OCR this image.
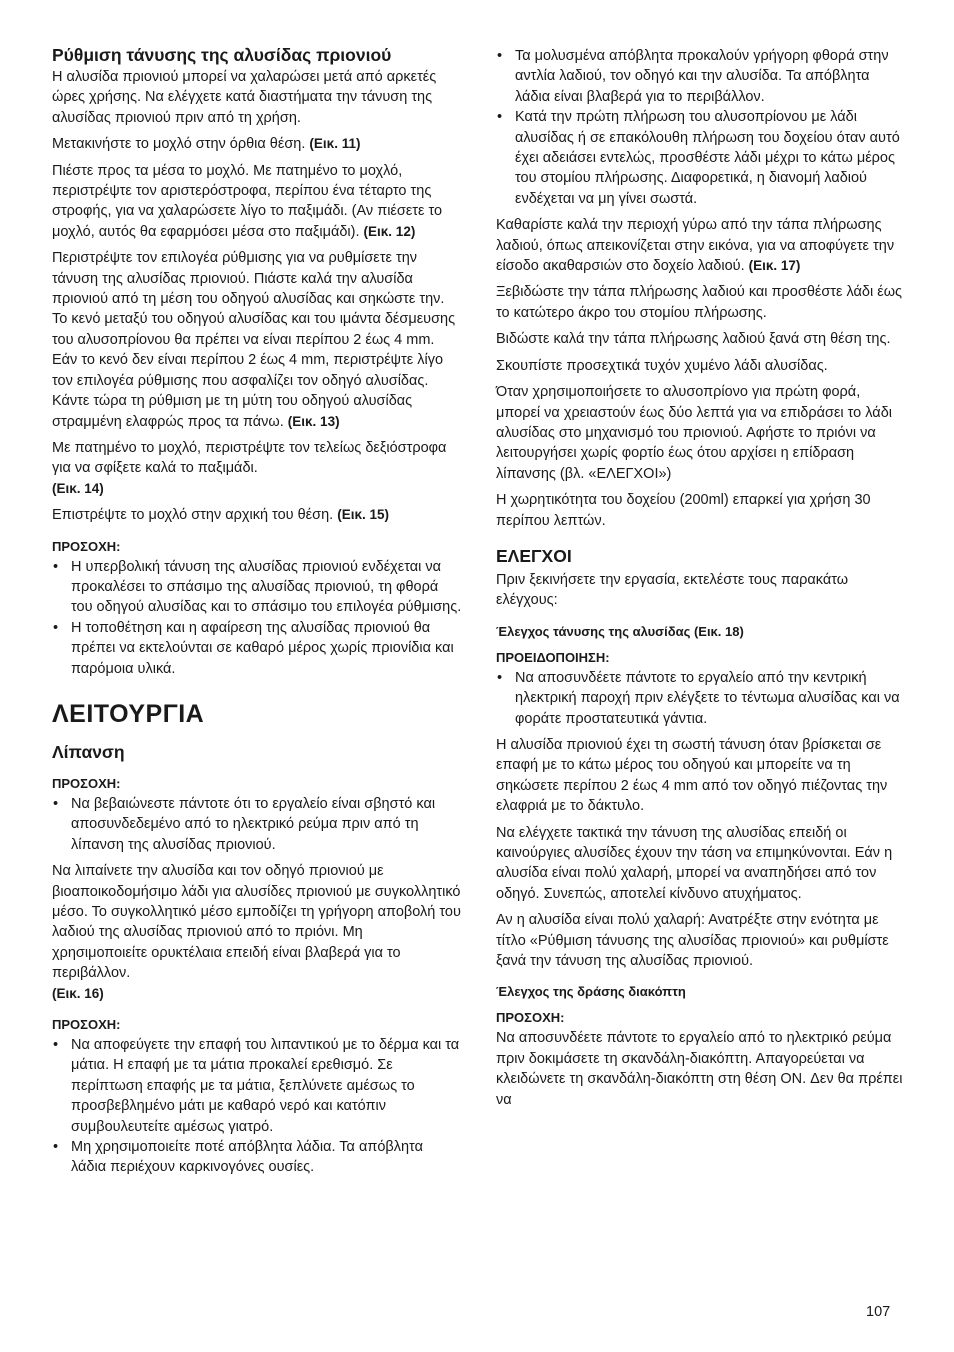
Ρύθμιση τάνυσης της αλυσίδας πριονιού

Η αλυσίδα πριονιού μπορεί να χαλαρώσει μετά από αρκετές ώρες χρήσης. Να ελέγχετε κατά διαστήματα την τάνυση της αλυσίδας πριονιού πριν από τη χρήση.

Μετακινήστε το μοχλό στην όρθια θέση. (Εικ. 11)

Πιέστε προς τα μέσα το μοχλό. Με πατημένο το μοχλό, περιστρέψτε τον αριστερόστροφα, περίπου ένα τέταρτο της στροφής, για να χαλαρώσετε λίγο το παξιμάδι. (Αν πιέσετε το μοχλό, αυτός θα εφαρμόσει μέσα στο παξιμάδι). (Εικ. 12)

Περιστρέψτε τον επιλογέα ρύθμισης για να ρυθμίσετε την τάνυση της αλυσίδας πριονιού. Πιάστε καλά την αλυσίδα πριονιού από τη μέση του οδηγού αλυσίδας και σηκώστε την. Το κενό μεταξύ του οδηγού αλυσίδας και του ιμάντα δέσμευσης του αλυσοπρίονου θα πρέπει να είναι περίπου 2 έως 4 mm. Εάν το κενό δεν είναι περίπου 2 έως 4 mm, περιστρέψτε λίγο τον επιλογέα ρύθμισης που ασφαλίζει τον οδηγό αλυσίδας. Κάντε τώρα τη ρύθμιση με τη μύτη του οδηγού αλυσίδας στραμμένη ελαφρώς προς τα πάνω. (Εικ. 13)

Με πατημένο το μοχλό, περιστρέψτε τον τελείως δεξιόστροφα για να σφίξετε καλά το παξιμάδι.
(Εικ. 14)

Επιστρέψτε το μοχλό στην αρχική του θέση. (Εικ. 15)

ΠΡΟΣΟΧΗ:
• Η υπερβολική τάνυση της αλυσίδας πριονιού ενδέχεται να προκαλέσει το σπάσιμο της αλυσίδας πριονιού, τη φθορά του οδηγού αλυσίδας και το σπάσιμο του επιλογέα ρύθμισης.
• Η τοποθέτηση και η αφαίρεση της αλυσίδας πριονιού θα πρέπει να εκτελούνται σε καθαρό μέρος χωρίς πριονίδια και παρόμοια υλικά.
ΛΕΙΤΟΥΡΓΙΑ
Λίπανση
ΠΡΟΣΟΧΗ:
• Να βεβαιώνεστε πάντοτε ότι το εργαλείο είναι σβηστό και αποσυνδεδεμένο από το ηλεκτρικό ρεύμα πριν από τη λίπανση της αλυσίδας πριονιού.

Να λιπαίνετε την αλυσίδα και τον οδηγό πριονιού με βιοαποικοδομήσιμο λάδι για αλυσίδες πριονιού με συγκολλητικό μέσο. Το συγκολλητικό μέσο εμποδίζει τη γρήγορη αποβολή του λαδιού της αλυσίδας πριονιού από το πριόνι. Μη χρησιμοποιείτε ορυκτέλαια επειδή είναι βλαβερά για το περιβάλλον.
(Εικ. 16)

ΠΡΟΣΟΧΗ:
• Να αποφεύγετε την επαφή του λιπαντικού με το δέρμα και τα μάτια. Η επαφή με τα μάτια προκαλεί ερεθισμό. Σε περίπτωση επαφής με τα μάτια, ξεπλύνετε αμέσως το προσβεβλημένο μάτι με καθαρό νερό και κατόπιν συμβουλευτείτε αμέσως γιατρό.
• Μη χρησιμοποιείτε ποτέ απόβλητα λάδια. Τα απόβλητα λάδια περιέχουν καρκινογόνες ουσίες.
• Τα μολυσμένα απόβλητα προκαλούν γρήγορη φθορά στην αντλία λαδιού, τον οδηγό και την αλυσίδα. Τα απόβλητα λάδια είναι βλαβερά για το περιβάλλον.
• Κατά την πρώτη πλήρωση του αλυσοπρίονου με λάδι αλυσίδας ή σε επακόλουθη πλήρωση του δοχείου όταν αυτό έχει αδειάσει εντελώς, προσθέστε λάδι μέχρι το κάτω μέρος του στομίου πλήρωσης. Διαφορετικά, η διανομή λαδιού ενδέχεται να μη γίνει σωστά.

Καθαρίστε καλά την περιοχή γύρω από την τάπα πλήρωσης λαδιού, όπως απεικονίζεται στην εικόνα, για να αποφύγετε την είσοδο ακαθαρσιών στο δοχείο λαδιού. (Εικ. 17)

Ξεβιδώστε την τάπα πλήρωσης λαδιού και προσθέστε λάδι έως το κατώτερο άκρο του στομίου πλήρωσης.

Βιδώστε καλά την τάπα πλήρωσης λαδιού ξανά στη θέση της.

Σκουπίστε προσεχτικά τυχόν χυμένο λάδι αλυσίδας.

Όταν χρησιμοποιήσετε το αλυσοπρίονο για πρώτη φορά, μπορεί να χρειαστούν έως δύο λεπτά για να επιδράσει το λάδι αλυσίδας στο μηχανισμό του πριονιού. Αφήστε το πριόνι να λειτουργήσει χωρίς φορτίο έως ότου αρχίσει η επίδραση λίπανσης (βλ. «ΕΛΕΓΧΟΙ»)

Η χωρητικότητα του δοχείου (200ml) επαρκεί για χρήση 30 περίπου λεπτών.

ΕΛΕΓΧΟΙ

Πριν ξεκινήσετε την εργασία, εκτελέστε τους παρακάτω ελέγχους:

Έλεγχος τάνυσης της αλυσίδας (Εικ. 18)
ΠΡΟΕΙΔΟΠΟΙΗΣΗ:
• Να αποσυνδέετε πάντοτε το εργαλείο από την κεντρική ηλεκτρική παροχή πριν ελέγξετε το τέντωμα αλυσίδας και να φοράτε προστατευτικά γάντια.

Η αλυσίδα πριονιού έχει τη σωστή τάνυση όταν βρίσκεται σε επαφή με το κάτω μέρος του οδηγού και μπορείτε να τη σηκώσετε περίπου 2 έως 4 mm από τον οδηγό πιέζοντας την ελαφριά με το δάκτυλο.

Να ελέγχετε τακτικά την τάνυση της αλυσίδας επειδή οι καινούργιες αλυσίδες έχουν την τάση να επιμηκύνονται. Εάν η αλυσίδα είναι πολύ χαλαρή, μπορεί να αναπηδήσει από τον οδηγό. Συνεπώς, αποτελεί κίνδυνο ατυχήματος.

Αν η αλυσίδα είναι πολύ χαλαρή: Ανατρέξτε στην ενότητα με τίτλο «Ρύθμιση τάνυσης της αλυσίδας πριονιού» και ρυθμίστε ξανά την τάνυση της αλυσίδας πριονιού.

Έλεγχος της δράσης διακόπτη
ΠΡΟΣΟΧΗ:

Να αποσυνδέετε πάντοτε το εργαλείο από το ηλεκτρικό ρεύμα πριν δοκιμάσετε τη σκανδάλη-διακόπτη. Απαγορεύεται να κλειδώνετε τη σκανδάλη-διακόπτη στη θέση ON. Δεν θα πρέπει να

107
